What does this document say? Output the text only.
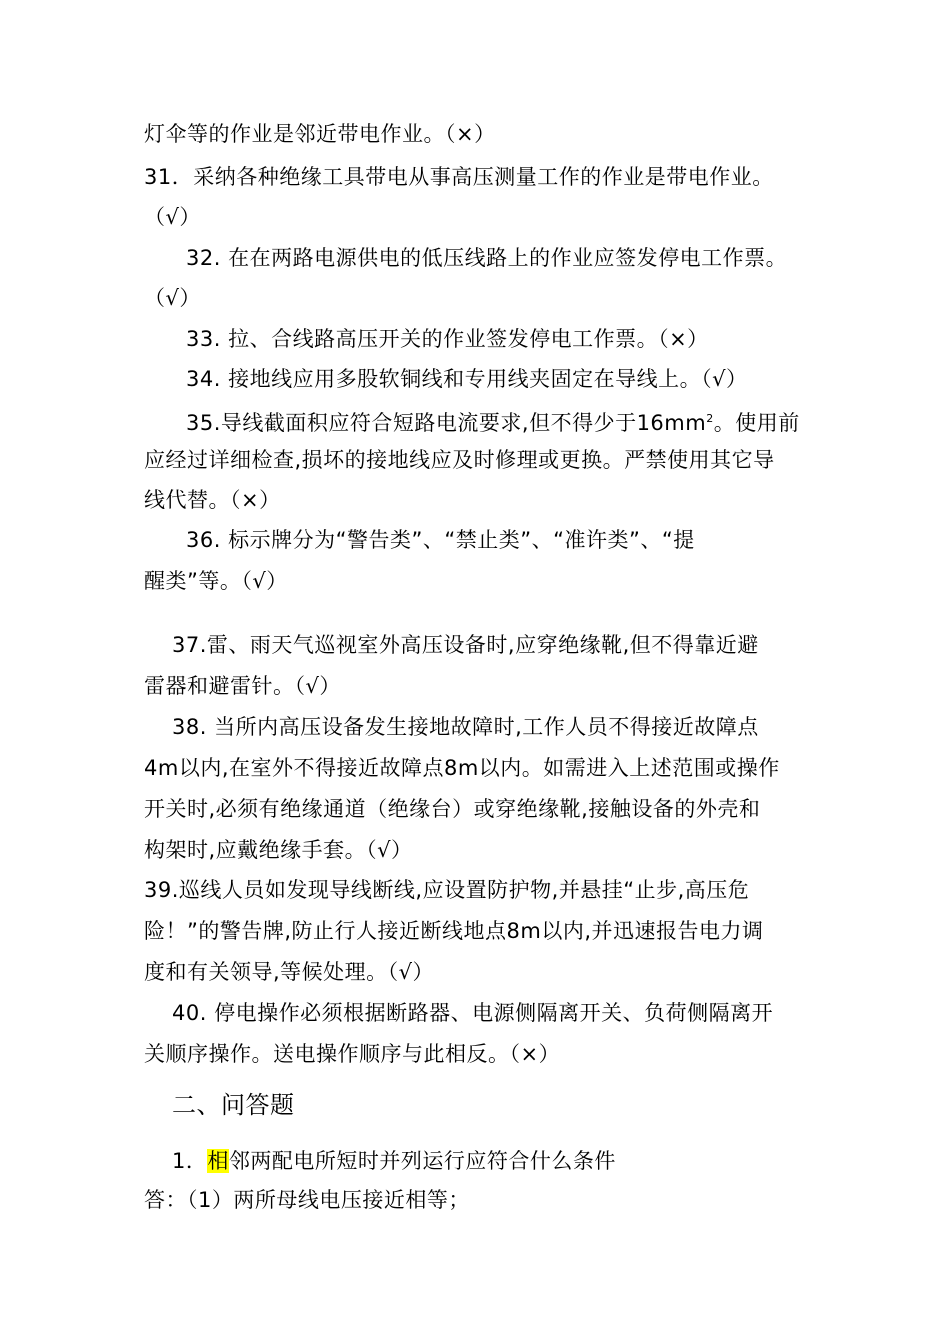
灯伞等的作业是邻近带电作业。（×）
31．采纳各种绝缘工具带电从事高压测量工作的作业是带电作业。
（√）
32. 在在两路电源供电的低压线路上的作业应签发停电工作票。
（√）
33. 拉、合线路高压开关的作业签发停电工作票。（×）
34. 接地线应用多股软铜线和专用线夹固定在导线上。（√）
35.导线截面积应符合短路电流要求,但不得少于$16mm^2$。使用前
应经过详细检查,损坏的接地线应及时修理或更换。严禁使用其它导
线代替。（×）
36. 标示牌分为“警告类”、“禁止类”、“准许类”、“提
醒类”等。（√）
37.雷、雨天气巡视室外高压设备时,应穿绝缘靴,但不得靠近避
雷器和避雷针。（√）
38. 当所内高压设备发生接地故障时,工作人员不得接近故障点
4m以内,在室外不得接近故障点8m以内。如需进入上述范围或操作
开关时,必须有绝缘通道（绝缘台）或穿绝缘靴,接触设备的外壳和
构架时,应戴绝缘手套。（√）
39.巡线人员如发现导线断线,应设置防护物,并悬挂“止步,高压危
险！”的警告牌,防止行人接近断线地点8m以内,并迅速报告电力调
度和有关领导,等候处理。（√）
40. 停电操作必须根据断路器、电源侧隔离开关、负荷侧隔离开
关顺序操作。送电操作顺序与此相反。（×）
二、问答题
1．相邻两配电所短时并列运行应符合什么条件
答：（1）两所母线电压接近相等；
